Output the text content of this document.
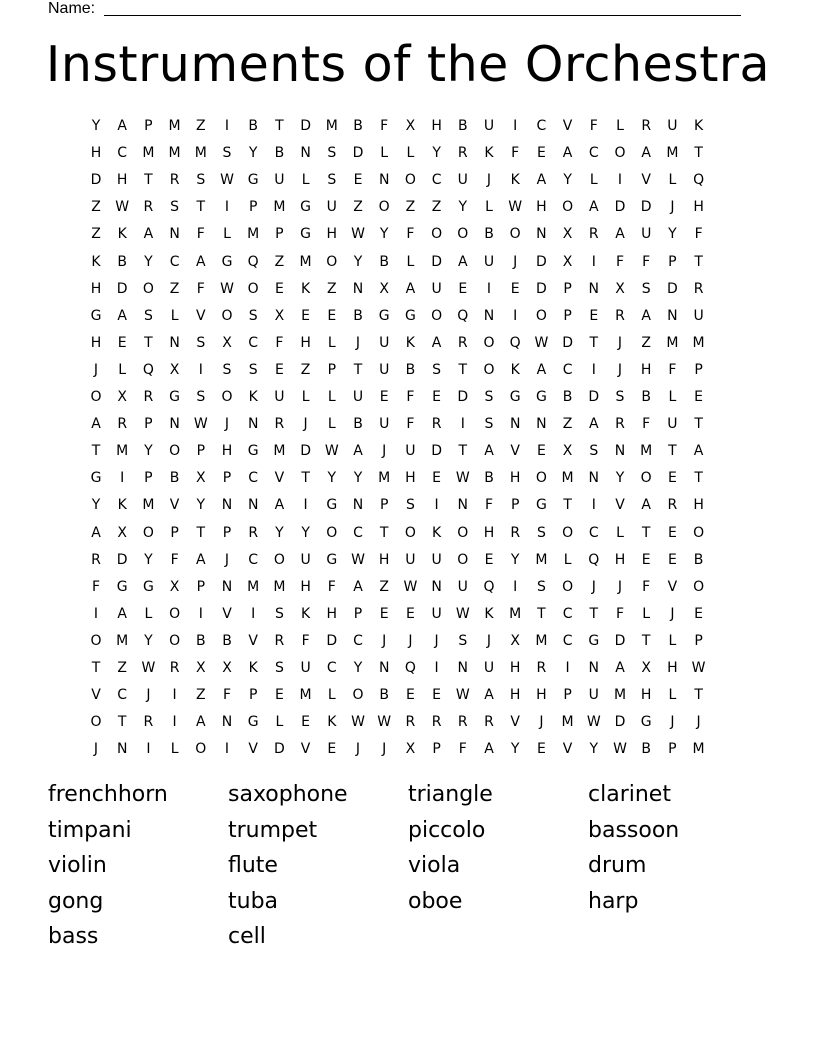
Name:
Instruments of the Orchestra
Y	A	P	M	Z	I	B	T	D	M	B	F	X	H	B	U	I	C	V	F	L	R	U	K
H	C	M	M	M	S	Y	B	N	S	D	L	L	Y	R	K	F	E	A	C	O	A	M	T
D	H	T	R	S	W G	U	L	S	E	N	O	C	U	J	K	A	Y	L	I	V	L	Q
Z	W	R	S	T	I	P	M	G	U	Z	O	Z	Z	Y	L	W	H	O	A	D	D	J	H
Z	K	A	N	F	L	M	P	G	H	W	Y	F	O	O	B	O	N	X	R	A	U	Y	F
K	B	Y	C	A	G	Q	Z	M	O	Y	B	L	D	A	U	J	D	X	I	F	F	P	T
H	D	O	Z	F	W O	E	K	Z	N	X	A	U	E	I	E	D	P	N	X	S	D	R
G	A	S	L	V	O	S	X	E	E	B	G	G	O	Q	N	I	O	P	E	R	A	N	U
H	E	T	N	S	X	C	F	H	L	J	U	K	A	R	O	Q W D	T	J	Z	M	M
J	L	Q	X	I	S	S	E	Z	P	T	U	B	S	T	O	K	A	C	I	J	H	F	P
O	X	R	G	S	O	K	U	L	L	U	E	F	E	D	S	G	G	B	D	S	B	L	E
A	R	P	N	W	J	N	R	J	L	B	U	F	R	I	S	N	N	Z	A	R	F	U	T
T	M	Y	O	P	H	G	M	D W	A	J	U	D	T	A	V	E	X	S	N	M	T	A
G	I	P	B	X	P	C	V	T	Y	Y	M	H	E	W	B	H	O	M	N	Y	O	E	T
Y	K	M	V	Y	N	N	A	I	G	N	P	S	I	N	F	P	G	T	I	V	A	R	H
A	X	O	P	T	P	R	Y	Y	O	C	T	O	K	O	H	R	S	O	C	L	T	E	O
R	D	Y	F	A	J	C	O	U	G W	H	U	U	O	E	Y	M	L	Q	H	E	E	B
F	G	G	X	P	N	M	M	H	F	A	Z	W	N	U	Q	I	S	O	J	J	F	V	O
I	A	L	O	I	V	I	S	K	H	P	E	E	U	W	K	M	T	C	T	F	L	J	E
O	M	Y	O	B	B	V	R	F	D	C	J	J	J	S	J	X	M	C	G	D	T	L	P
T	Z	W	R	X	X	K	S	U	C	Y	N	Q	I	N	U	H	R	I	N	A	X	H	W
V	C	J	I	Z	F	P	E	M	L	O	B	E	E	W	A	H	H	P	U	M	H	L	T
O	T	R	I	A	N	G	L	E	K	W W	R	R	R	R	V	J	M W D	G	J	J
J	N	I	L	O	I	V	D	V	E	J	J	X	P	F	A	Y	E	V	Y	W	B	P	M
frenchhorn	saxophone	triangle	clarinet
timpani	trumpet	piccolo	bassoon
violin	flute	viola	drum
gong	tuba	oboe	harp
bass	cell
